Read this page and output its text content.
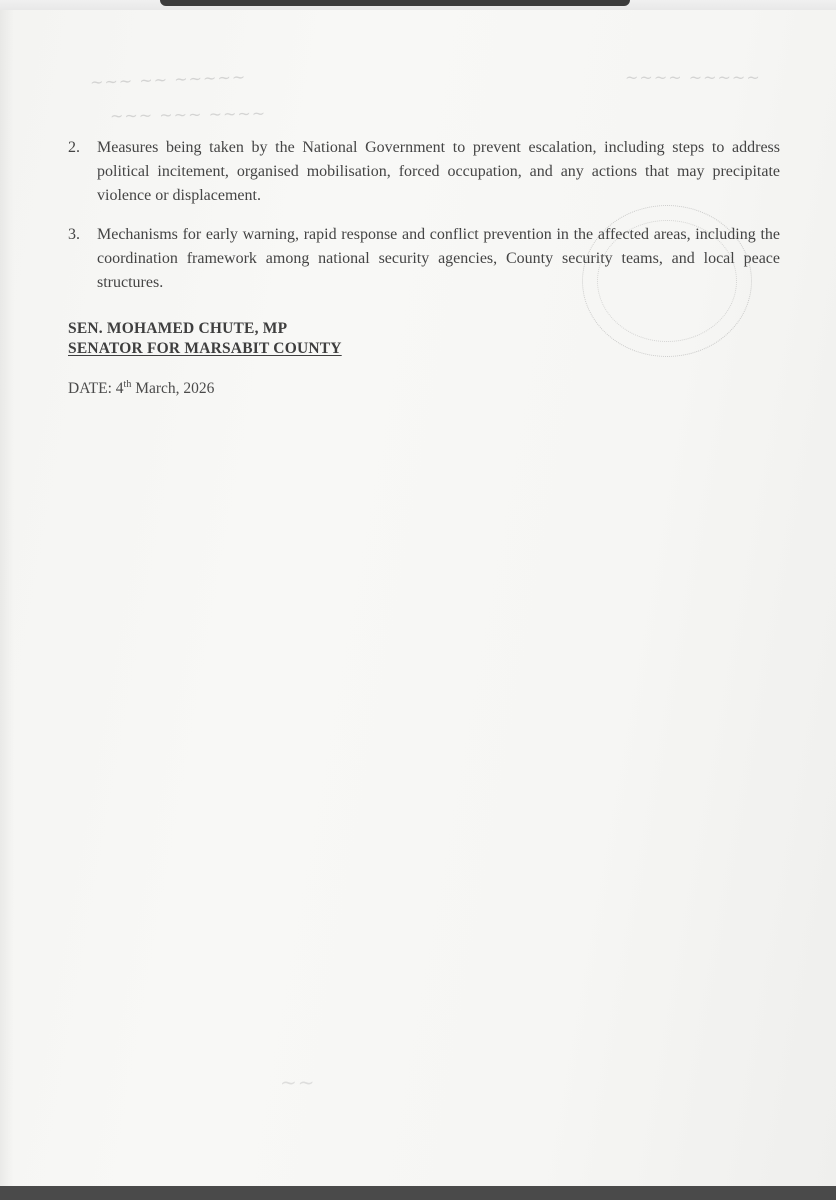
~~~ ~~ ~~~~~
~~~ ~~~ ~~~~
~~~~ ~~~~~
~~
2.	Measures being taken by the National Government to prevent escalation, including steps to address political incitement, organised mobilisation, forced occupation, and any actions that may precipitate violence or displacement.
3.	Mechanisms for early warning, rapid response and conflict prevention in the affected areas, including the coordination framework among national security agencies, County security teams, and local peace structures.
SEN. MOHAMED CHUTE, MP
SENATOR FOR MARSABIT COUNTY
DATE: 4th March, 2026
